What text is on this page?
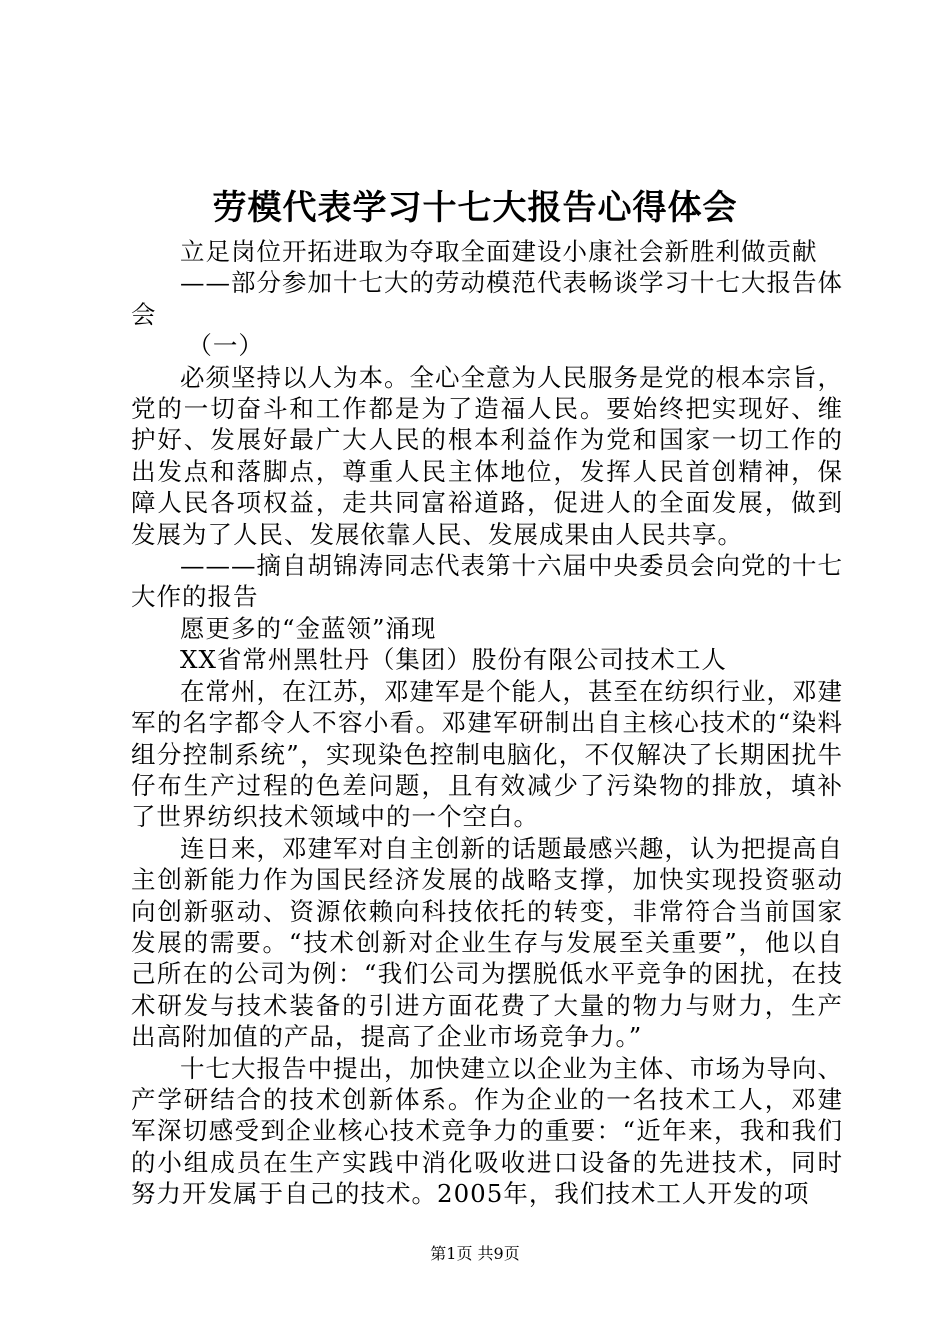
劳模代表学习十七大报告心得体会

立足岗位开拓进取为夺取全面建设小康社会新胜利做贡献

——部分参加十七大的劳动模范代表畅谈学习十七大报告体会

（一）

必须坚持以人为本。全心全意为人民服务是党的根本宗旨，党的一切奋斗和工作都是为了造福人民。要始终把实现好、维护好、发展好最广大人民的根本利益作为党和国家一切工作的出发点和落脚点，尊重人民主体地位，发挥人民首创精神，保障人民各项权益，走共同富裕道路，促进人的全面发展，做到发展为了人民、发展依靠人民、发展成果由人民共享。

———摘自胡锦涛同志代表第十六届中央委员会向党的十七大作的报告

愿更多的“金蓝领”涌现

XX省常州黑牡丹（集团）股份有限公司技术工人

在常州，在江苏，邓建军是个能人，甚至在纺织行业，邓建军的名字都令人不容小看。邓建军研制出自主核心技术的“染料组分控制系统”，实现染色控制电脑化，不仅解决了长期困扰牛仔布生产过程的色差问题，且有效减少了污染物的排放，填补了世界纺织技术领域中的一个空白。

连日来，邓建军对自主创新的话题最感兴趣，认为把提高自主创新能力作为国民经济发展的战略支撑，加快实现投资驱动向创新驱动、资源依赖向科技依托的转变，非常符合当前国家发展的需要。“技术创新对企业生存与发展至关重要”，他以自己所在的公司为例：“我们公司为摆脱低水平竞争的困扰，在技术研发与技术装备的引进方面花费了大量的物力与财力，生产出高附加值的产品，提高了企业市场竞争力。”

十七大报告中提出，加快建立以企业为主体、市场为导向、产学研结合的技术创新体系。作为企业的一名技术工人，邓建军深切感受到企业核心技术竞争力的重要：“近年来，我和我们的小组成员在生产实践中消化吸收进口设备的先进技术，同时努力开发属于自己的技术。2005年，我们技术工人开发的项

第1页 共9页
